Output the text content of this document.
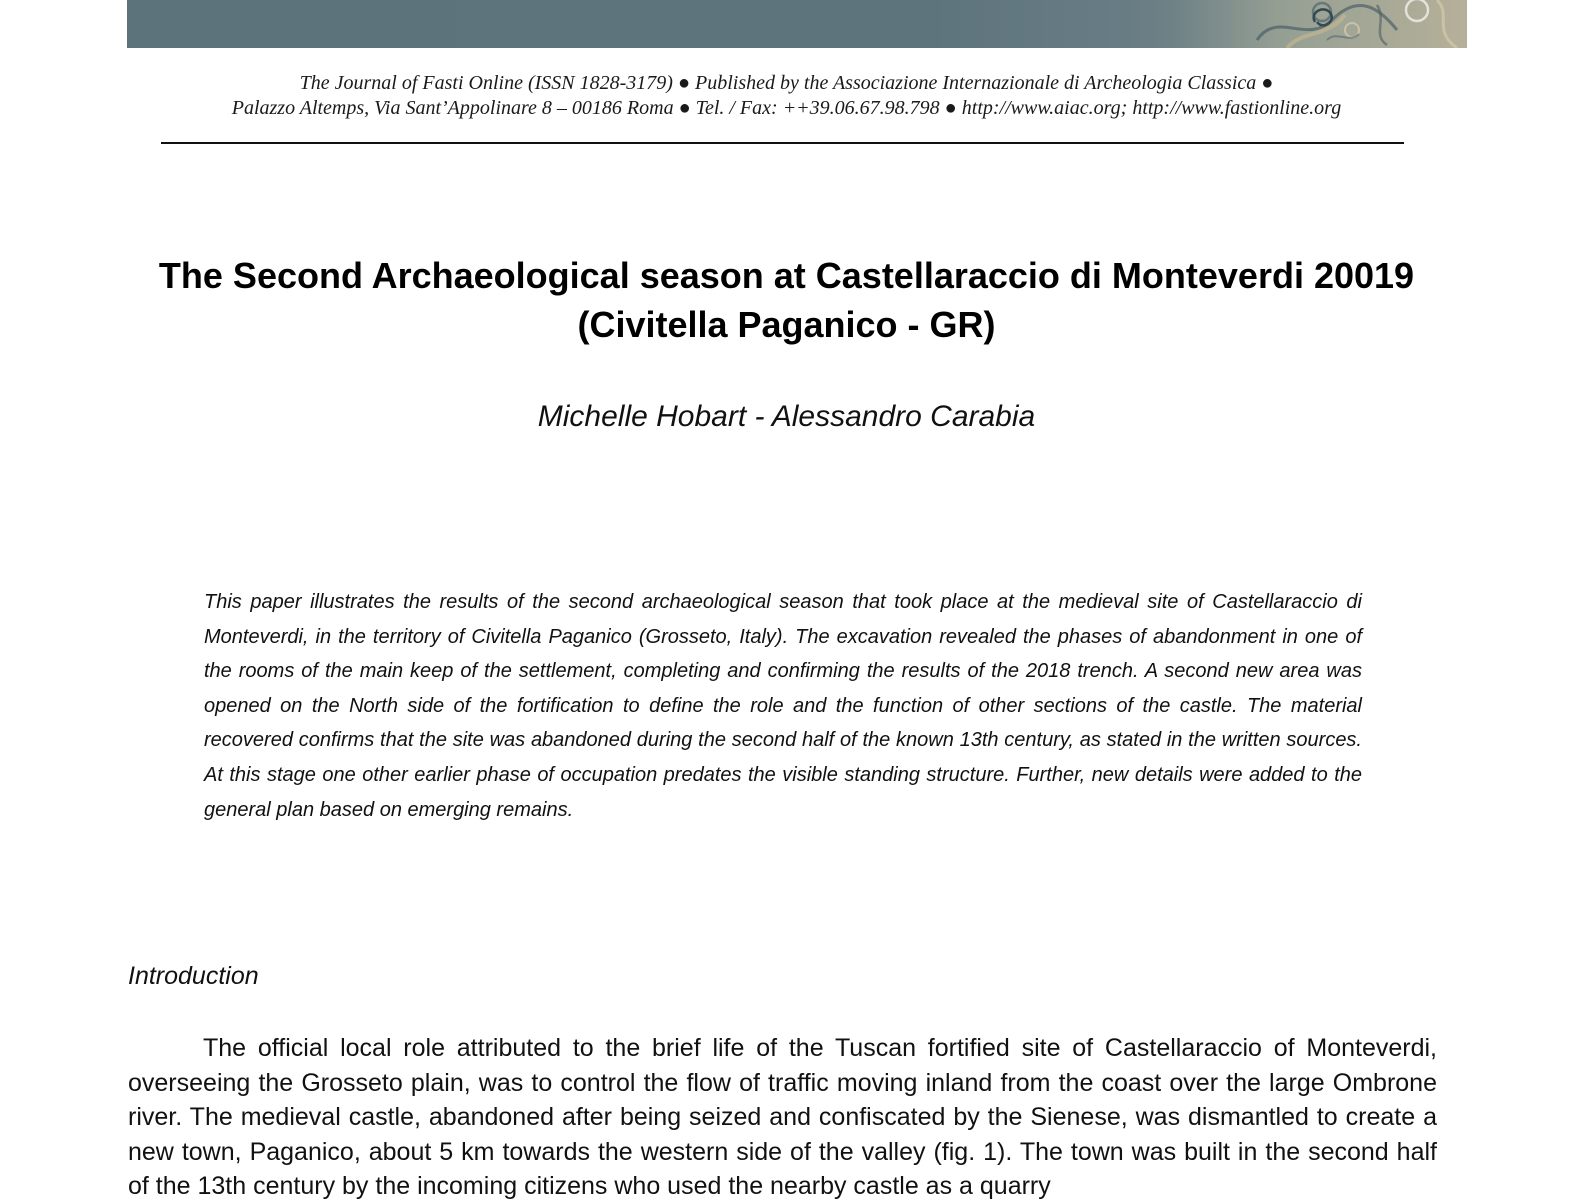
The Journal of Fasti Online (ISSN 1828-3179) ● Published by the Associazione Internazionale di Archeologia Classica ●
Palazzo Altemps, Via Sant’Appolinare 8 – 00186 Roma ● Tel. / Fax: ++39.06.67.98.798 ● http://www.aiac.org; http://www.fastionline.org
The Second Archaeological season at Castellaraccio di Monteverdi 20019
(Civitella Paganico - GR)
Michelle Hobart - Alessandro Carabia

This paper illustrates the results of the second archaeological season that took place at the medieval site of Castellaraccio di Monteverdi, in the territory of Civitella Paganico (Grosseto, Italy). The excavation revealed the phases of abandonment in one of the rooms of the main keep of the settlement, completing and confirming the results of the 2018 trench. A second new area was opened on the North side of the fortification to define the role and the function of other sections of the castle. The material recovered confirms that the site was abandoned during the second half of the known 13th century, as stated in the written sources. At this stage one other earlier phase of occupation predates the visible standing structure. Further, new details were added to the general plan based on emerging remains.

Introduction

The official local role attributed to the brief life of the Tuscan fortified site of Castellaraccio of Monteverdi, overseeing the Grosseto plain, was to control the flow of traffic moving inland from the coast over the large Ombrone river. The medieval castle, abandoned after being seized and confiscated by the Sienese, was dismantled to create a new town, Paganico, about 5 km towards the western side of the valley (fig. 1). The town was built in the second half of the 13th century by the incoming citizens who used the nearby castle as a quarry
